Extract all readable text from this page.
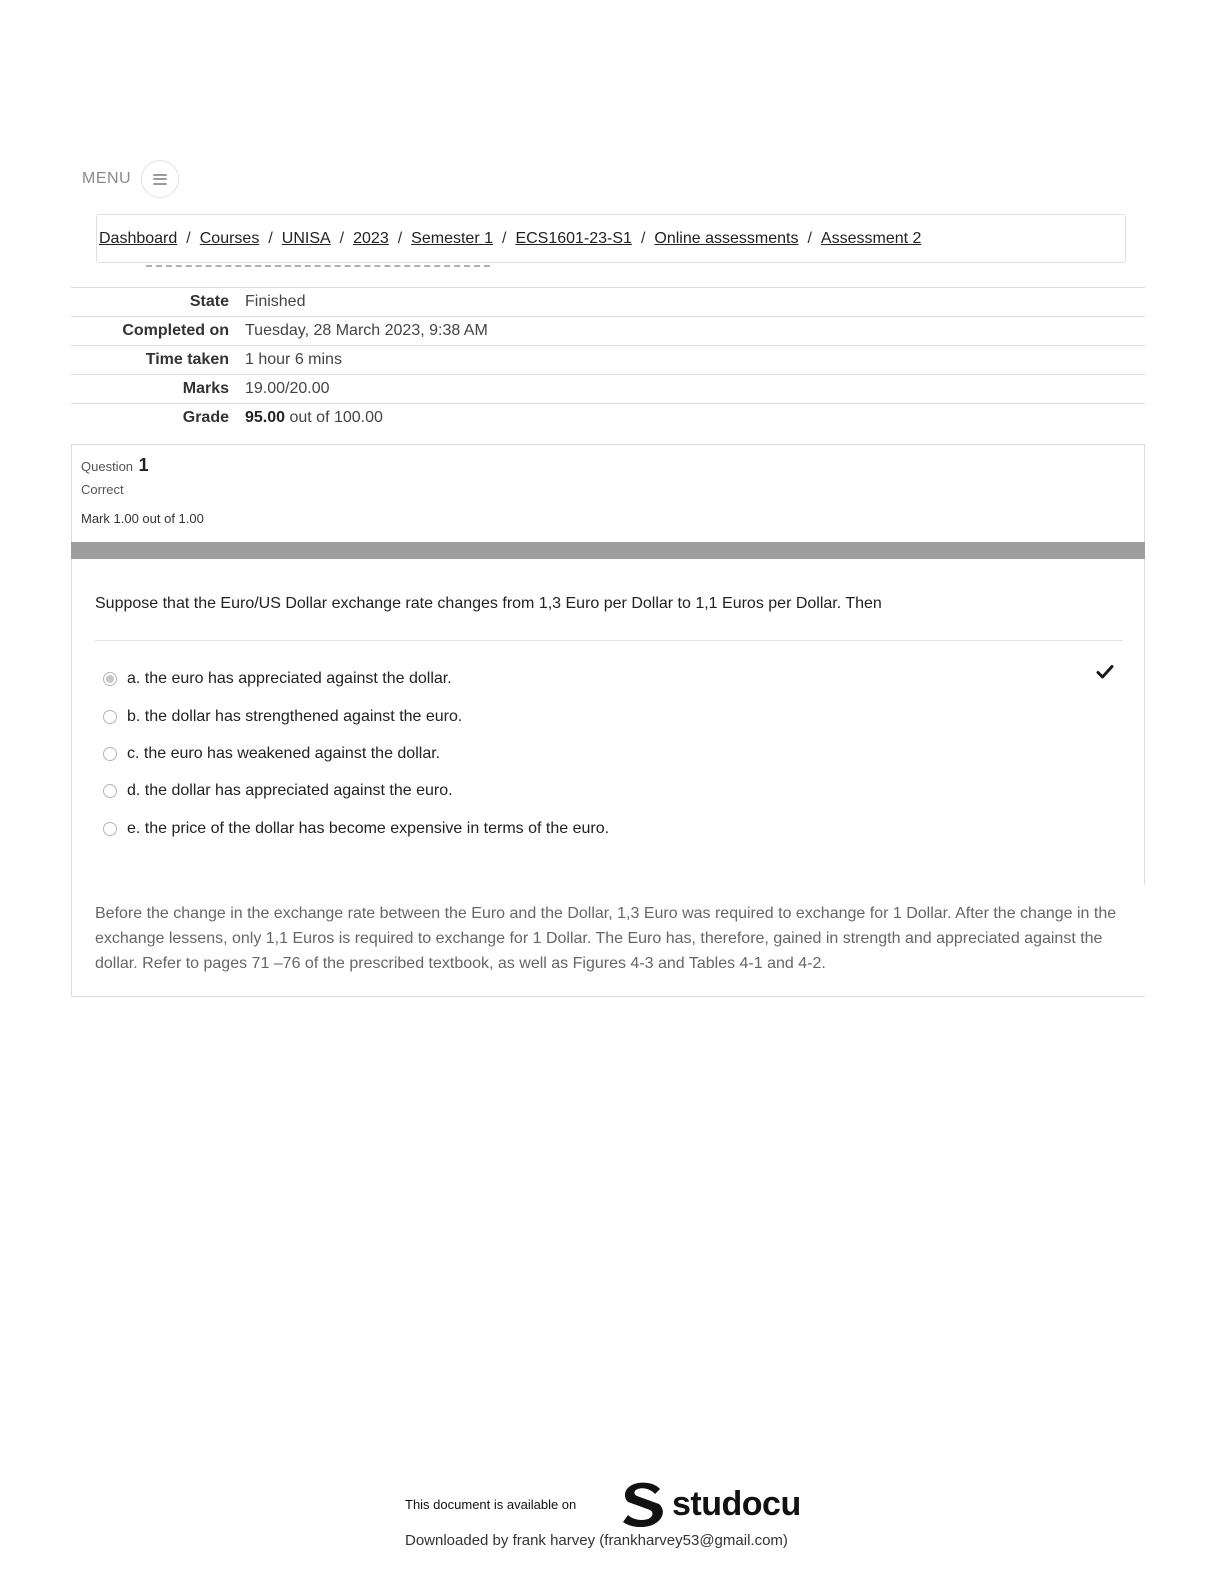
MENU
Dashboard / Courses / UNISA / 2023 / Semester 1 / ECS1601-23-S1 / Online assessments / Assessment 2
State Finished
Completed on Tuesday, 28 March 2023, 9:38 AM
Time taken 1 hour 6 mins
Marks 19.00/20.00
Grade 95.00 out of 100.00
Question 1
Correct
Mark 1.00 out of 1.00
Suppose that the Euro/US Dollar exchange rate changes from 1,3 Euro per Dollar to 1,1 Euros per Dollar. Then
a. the euro has appreciated against the dollar.
b. the dollar has strengthened against the euro.
c. the euro has weakened against the dollar.
d. the dollar has appreciated against the euro.
e. the price of the dollar has become expensive in terms of the euro.
Before the change in the exchange rate between the Euro and the Dollar, 1,3 Euro was required to exchange for 1 Dollar. After the change in the exchange lessens, only 1,1 Euros is required to exchange for 1 Dollar. The Euro has, therefore, gained in strength and appreciated against the dollar. Refer to pages 71 –76 of the prescribed textbook, as well as Figures 4-3 and Tables 4-1 and 4-2.
This document is available on	studocu
Downloaded by frank harvey (frankharvey53@gmail.com)
